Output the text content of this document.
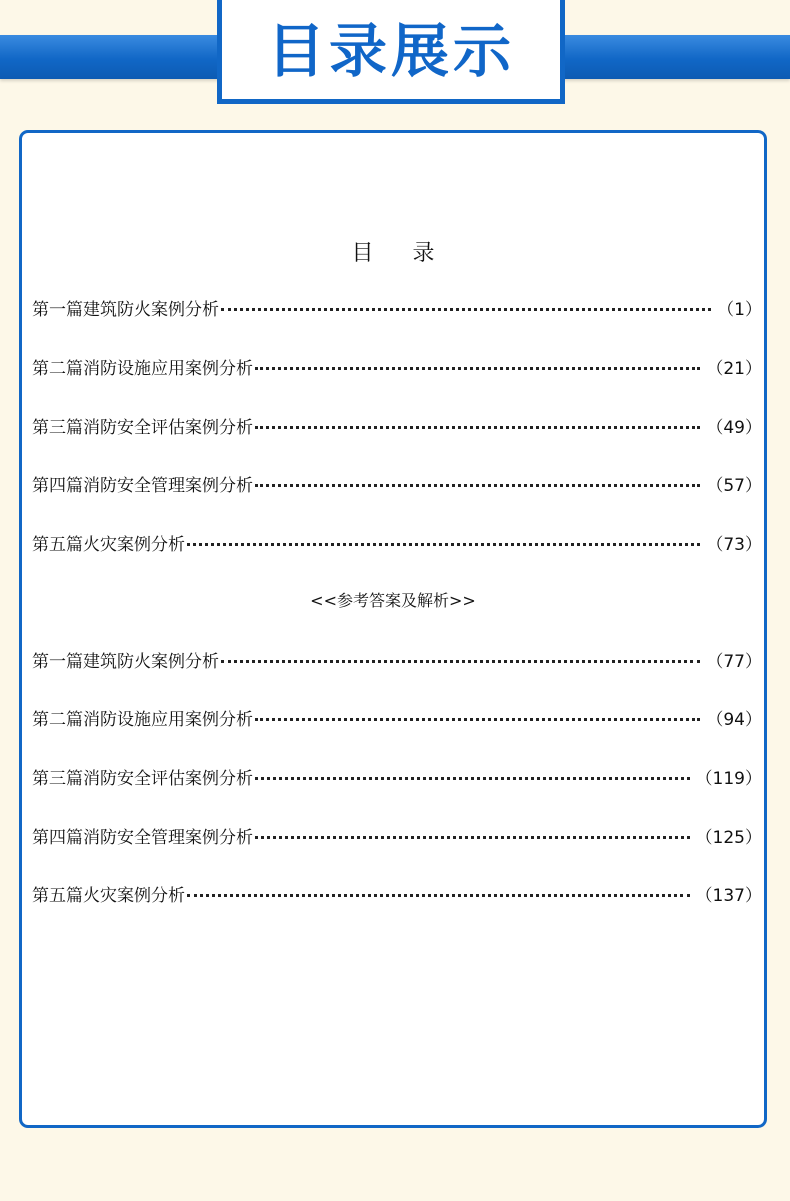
目录展示
目 录
第一篇建筑防火案例分析	（1）
第二篇消防设施应用案例分析	（21）
第三篇消防安全评估案例分析	（49）
第四篇消防安全管理案例分析	（57）
第五篇火灾案例分析	（73）
<<参考答案及解析>>
第一篇建筑防火案例分析	（77）
第二篇消防设施应用案例分析	（94）
第三篇消防安全评估案例分析	（119）
第四篇消防安全管理案例分析	（125）
第五篇火灾案例分析	（137）
